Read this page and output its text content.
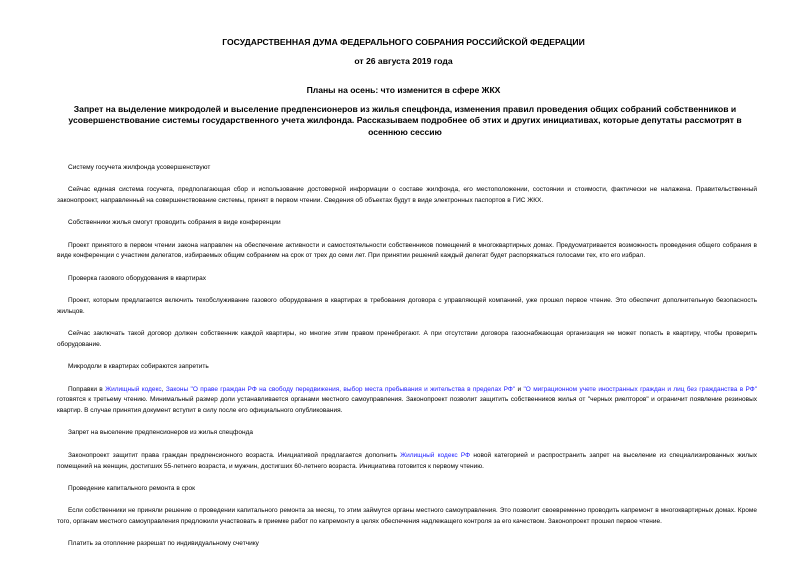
ГОСУДАРСТВЕННАЯ ДУМА ФЕДЕРАЛЬНОГО СОБРАНИЯ РОССИЙСКОЙ ФЕДЕРАЦИИ
от 26 августа 2019 года
Планы на осень: что изменится в сфере ЖКХ
Запрет на выделение микродолей и выселение предпенсионеров из жилья спецфонда, изменения правил проведения общих собраний собственников и усовершенствование системы государственного учета жилфонда. Рассказываем подробнее об этих и других инициативах, которые депутаты рассмотрят в осеннюю сессию
Систему госучета жилфонда усовершенствуют
Сейчас единая система госучета, предполагающая сбор и использование достоверной информации о составе жилфонда, его местоположении, состоянии и стоимости, фактически не налажена. Правительственный законопроект, направленный на совершенствование системы, принят в первом чтении. Сведения об объектах будут в виде электронных паспортов в ГИС ЖКХ.
Собственники жилья смогут проводить собрания в виде конференции
Проект принятого в первом чтении закона направлен на обеспечение активности и самостоятельности собственников помещений в многоквартирных домах. Предусматривается возможность проведения общего собрания в виде конференции с участием делегатов, избираемых общим собранием на срок от трех до семи лет. При принятии решений каждый делегат будет распоряжаться голосами тех, кто его избрал.
Проверка газового оборудования в квартирах
Проект, которым предлагается включить техобслуживание газового оборудования в квартирах в требования договора с управляющей компанией, уже прошел первое чтение. Это обеспечит дополнительную безопасность жильцов.
Сейчас заключать такой договор должен собственник каждой квартиры, но многие этим правом пренебрегают. А при отсутствии договора газоснабжающая организация не может попасть в квартиру, чтобы проверить оборудование.
Микродоли в квартирах собираются запретить
Поправки в Жилищный кодекс, Законы "О праве граждан РФ на свободу передвижения, выбор места пребывания и жительства в пределах РФ" и "О миграционном учете иностранных граждан и лиц без гражданства в РФ" готовятся к третьему чтению. Минимальный размер доли устанавливается органами местного самоуправления. Законопроект позволит защитить собственников жилья от "черных риелторов" и ограничит появление резиновых квартир. В случае принятия документ вступит в силу после его официального опубликования.
Запрет на выселение предпенсионеров из жилья спецфонда
Законопроект защитит права граждан предпенсионного возраста. Инициативой предлагается дополнить Жилищный кодекс РФ новой категорией и распространить запрет на выселение из специализированных жилых помещений на женщин, достигших 55-летнего возраста, и мужчин, достигших 60-летнего возраста. Инициатива готовится к первому чтению.
Проведение капитального ремонта в срок
Если собственники не приняли решение о проведении капитального ремонта за месяц, то этим займутся органы местного самоуправления. Это позволит своевременно проводить капремонт в многоквартирных домах. Кроме того, органам местного самоуправления предложили участвовать в приемке работ по капремонту в целях обеспечения надлежащего контроля за его качеством. Законопроект прошел первое чтение.
Платить за отопление разрешат по индивидуальному счетчику
